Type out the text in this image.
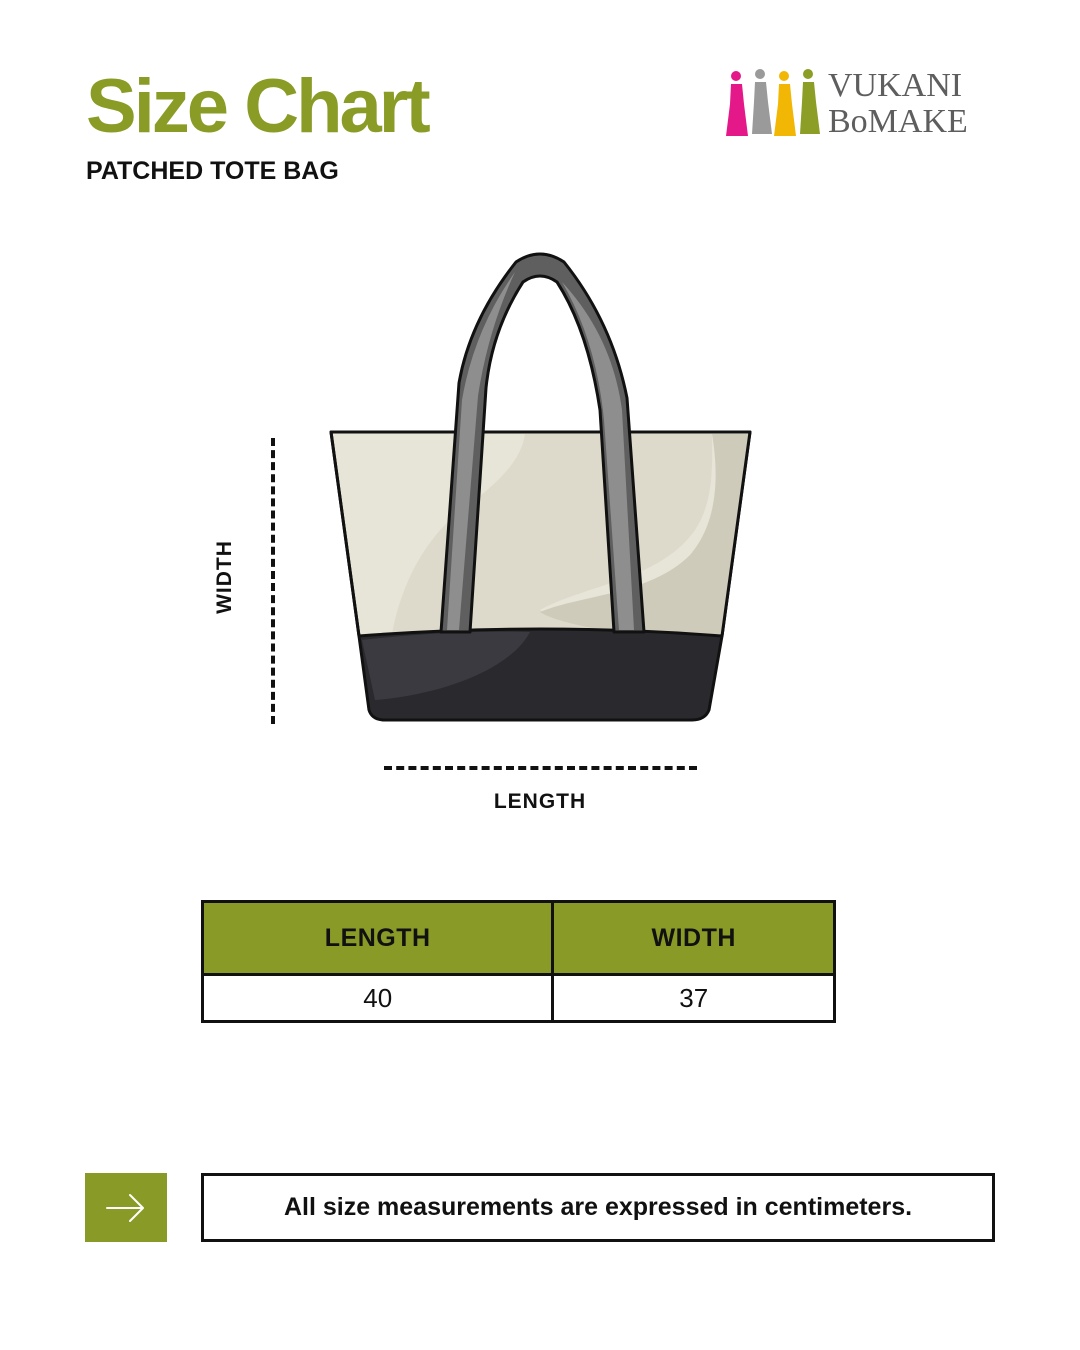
Size Chart
PATCHED TOTE BAG
VUKANI
BoMAKE
WIDTH
LENGTH
LENGTH	WIDTH
40	37
All size measurements are expressed in centimeters.
